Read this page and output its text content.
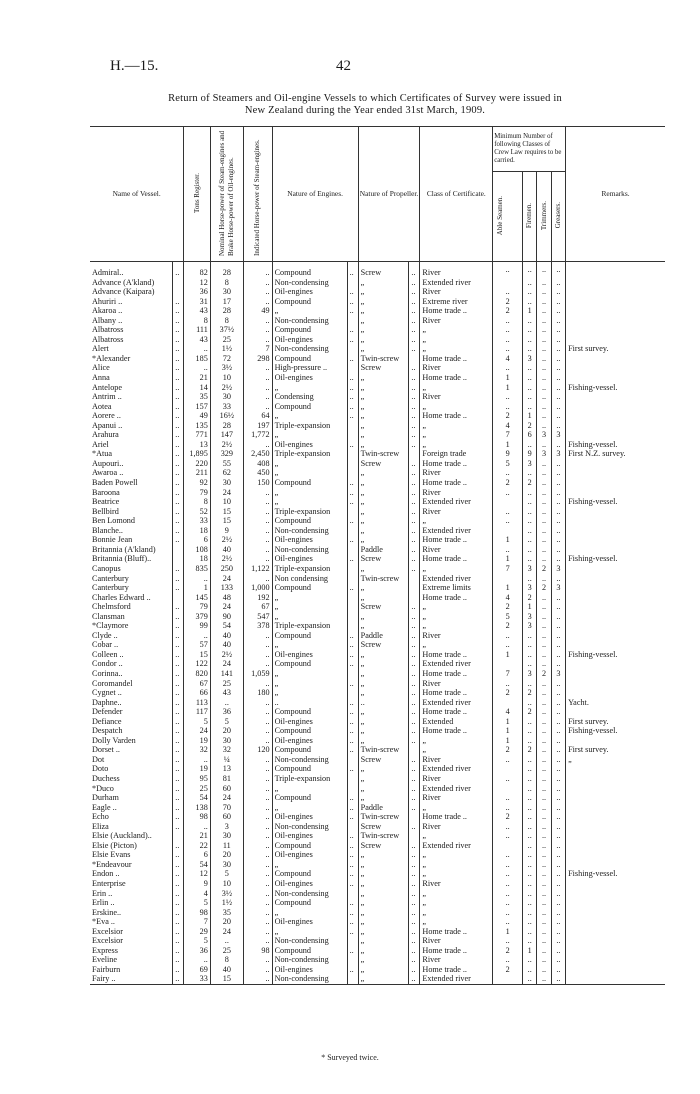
H.—15.	42
Return of Steamers and Oil-engine Vessels to which Certificates of Survey were issued in
New Zealand during the Year ended 31st March, 1909.
Name of Vessel.		Tons Register.	Nominal Horse-power of Steam-engines and Brake Horse-power of Oil-engines.	Indicated Horse-power of Steam-engines.	Nature of Engines.		Nature of Propeller.		Class of Certificate.	Minimum Number of following Classes of Crew Law requires to be carried.					Remarks.
										Able Seamen.		Firemen.	Trimmers.	Greasers.	
Admiral..	..	82	28	..	Compound	..	Screw	..	River	..		..	..	..	
Advance (A'kland)		12	8	..	Non-condensing		„	..	Extended river			..	..	..	
Advance (Kaipara)		36	30	..	Oil-engines	..	„	..	River	..		..	..	..	
Ahuriri ..	..	31	17	..	Compound	..	„	..	Extreme river	2		..	..	..	
Akaroa ..	..	43	28	49	„	..	„	..	Home trade ..	2		1	..	..	
Albany ..	..	8	8	..	Non-condensing		„	..	River	..		..	..	..	
Albatross	..	111	37½	..	Compound	..	„	..	„	..		..	..	..	
Albatross	..	43	25	..	Oil-engines	..	„	..	„	..		..	..	..	
Alert	..	..	1½	7	Non-condensing		„	..	„	..		..	..	..	First survey.
*Alexander	..	185	72	298	Compound	..	Twin-screw		Home trade ..	4		3	..	..	
Alice	..	..	3½	..	High-pressure ..		Screw	..	River	..		..	..	..	
Anna	..	21	10	..	Oil-engines	..	„	..	Home trade ..	1		..	..	..	
Antelope	..	14	2½	..	„	..	„	..	„	1		..	..	..	Fishing-vessel.
Antrim ..	..	35	30	..	Condensing	..	„	..	River	..		..	..	..	
Aotea	..	157	33	..	Compound	..	„	..	„	..		..	..	..	
Aorere ..	..	49	16½	64	„	..	„	..	Home trade ..	2		1	..	..	
Apanui ..	..	135	28	197	Triple-expansion		„	..	„	4		2	..	..	
Arahura	..	771	147	1,772	„		„	..	„	7		6	3	3	
Ariel	..	13	2½	..	Oil-engines	..	„	..	„	1		..	..	..	Fishing-vessel.
*Atua	..	1,895	329	2,450	Triple-expansion		Twin-screw		Foreign trade	9		9	3	3	First N.Z. survey.
Aupouri..	..	220	55	408	„		Screw	..	Home trade ..	5		3	..	..	
Awaroa ..	..	211	62	450	„		„	..	River	..		..	..	..	
Baden Powell	..	92	30	150	Compound	..	„	..	Home trade ..	2		2	..	..	
Baroona	..	79	24	..	„	..	„	..	River	..		..	..	..	
Beatrice	..	8	10	..	„	..	„	..	Extended river			..	..	..	Fishing-vessel.
Bellbird	..	52	15	..	Triple-expansion		„	..	River	..		..	..	..	
Ben Lomond	..	33	15	..	Compound	..	„	..	„	..		..	..	..	
Blanche..	..	18	9	..	Non-condensing		„	..	Extended river			..	..	..	
Bonnie Jean	..	6	2½	..	Oil-engines	..	„	..	Home trade ..	1		..	..	..	
Britannia (A'kland)		108	40	..	Non-condensing		Paddle	..	River	..		..	..	..	
Britannia (Bluff)..		18	2½	..	Oil-engines	..	Screw	..	Home trade ..	1		..	..	..	Fishing-vessel.
Canopus	..	835	250	1,122	Triple-expansion		„	..	„	7		3	2	3	
Canterbury	..	..	24	..	Non condensing		Twin-screw		Extended river			..	..	..	
Canterbury	..	1	133	1,000	Compound	..	„		Extreme limits	1		3	2	3	
Charles Edward ..		145	48	192	„		„		Home trade ..	4		2	..	..	
Chelmsford	..	79	24	67	„		Screw	..	„	2		1	..	..	
Clansman	..	379	90	547	„		„	..	„	5		3	..	..	
*Claymore	..	99	54	378	Triple-expansion		„	..	„	2		3	..	..	
Clyde ..	..	..	40	..	Compound	..	Paddle	..	River	..		..	..	..	
Cobar ..	..	57	40	..	„	..	Screw	..	„	..		..	..	..	
Colleen ..	..	15	2½	..	Oil-engines	..	„	..	Home trade ..	1		..	..	..	Fishing-vessel.
Condor ..	..	122	24	..	Compound	..	„	..	Extended river			..	..	..	
Corinna..	..	820	141	1,059	„		„	..	Home trade ..	7		3	2	3	
Coromandel	..	67	25	..	„	..	„	..	River	..		..	..	..	
Cygnet ..	..	66	43	180	„		„	..	Home trade ..	2		2	..	..	
Daphne..	..	113	..	..	..	..	..	..	Extended river			..	..	..	Yacht.
Defender	..	117	36	..	Compound	..	„	..	Home trade ..	4		2	..	..	
Defiance	..	5	5	..	Oil-engines	..	„	..	Extended	1		..	..	..	First survey.
Despatch	..	24	20	..	Compound	..	„	..	Home trade ..	1		..	..	..	Fishing-vessel.
Dolly Varden	..	19	30	..	Oil-engines	..	„	..	„	1		..	..	..	
Dorset ..	..	32	32	120	Compound	..	Twin-screw		„	2		2	..	..	First survey.
Dot	..	..	¼	..	Non-condensing		Screw	..	River	..		..	..	..	„
Doto	..	19	13	..	Compound	..	„	..	Extended river			..	..	..	
Duchess	..	95	81	..	Triple-expansion		„	..	River	..		..	..	..	
*Duco	..	25	60	..	„		„	..	Extended river			..	..	..	
Durham	..	54	24	..	Compound	..	„	..	River	..		..	..	..	
Eagle ..	..	138	70	..	„	..	Paddle	..	„	..		..	..	..	
Echo	..	98	60	..	Oil-engines	..	Twin-screw		Home trade ..	2		..	..	..	
Eliza	..	..	3	..	Non-condensing		Screw	..	River	..		..	..	..	
Elsie (Auckland)..		21	30	..	Oil-engines	..	Twin-screw		„	..		..	..	..	
Elsie (Picton)	..	22	11	..	Compound	..	Screw	..	Extended river			..	..	..	
Elsie Evans	..	6	20	..	Oil-engines	..	„	..	„	..		..	..	..	
*Endeavour	..	54	30	..	„	..	„	..	„	..		..	..	..	
Endon ..	..	12	5	..	Compound	..	„	..	„	..		..	..	..	Fishing-vessel.
Enterprise	..	9	10	..	Oil-engines	..	„	..	River	..		..	..	..	
Erin ..	..	4	3½	..	Non-condensing		„	..	„	..		..	..	..	
Erlin ..	..	5	1½	..	Compound	..	„	..	„	..		..	..	..	
Erskine..	..	98	35	..	„	..	„	..	„	..		..	..	..	
*Eva ..	..	7	20	..	Oil-engines	..	„	..	„	..		..	..	..	
Excelsior	..	29	24	..	„	..	„	..	Home trade ..	1		..	..	..	
Excelsior	..	5	..	..	Non-condensing		„	..	River	..		..	..	..	
Express	..	36	25	98	Compound	..	„	..	Home trade ..	2		1	..	..	
Eveline	..	..	8	..	Non-condensing		„	..	River	..		..	..	..	
Fairburn	..	69	40	..	Oil-engines	..	„	..	Home trade ..	2		..	..	..	
Fairy ..	..	33	15	..	Non-condensing		„	..	Extended river			..	..	..	
* Surveyed twice.
